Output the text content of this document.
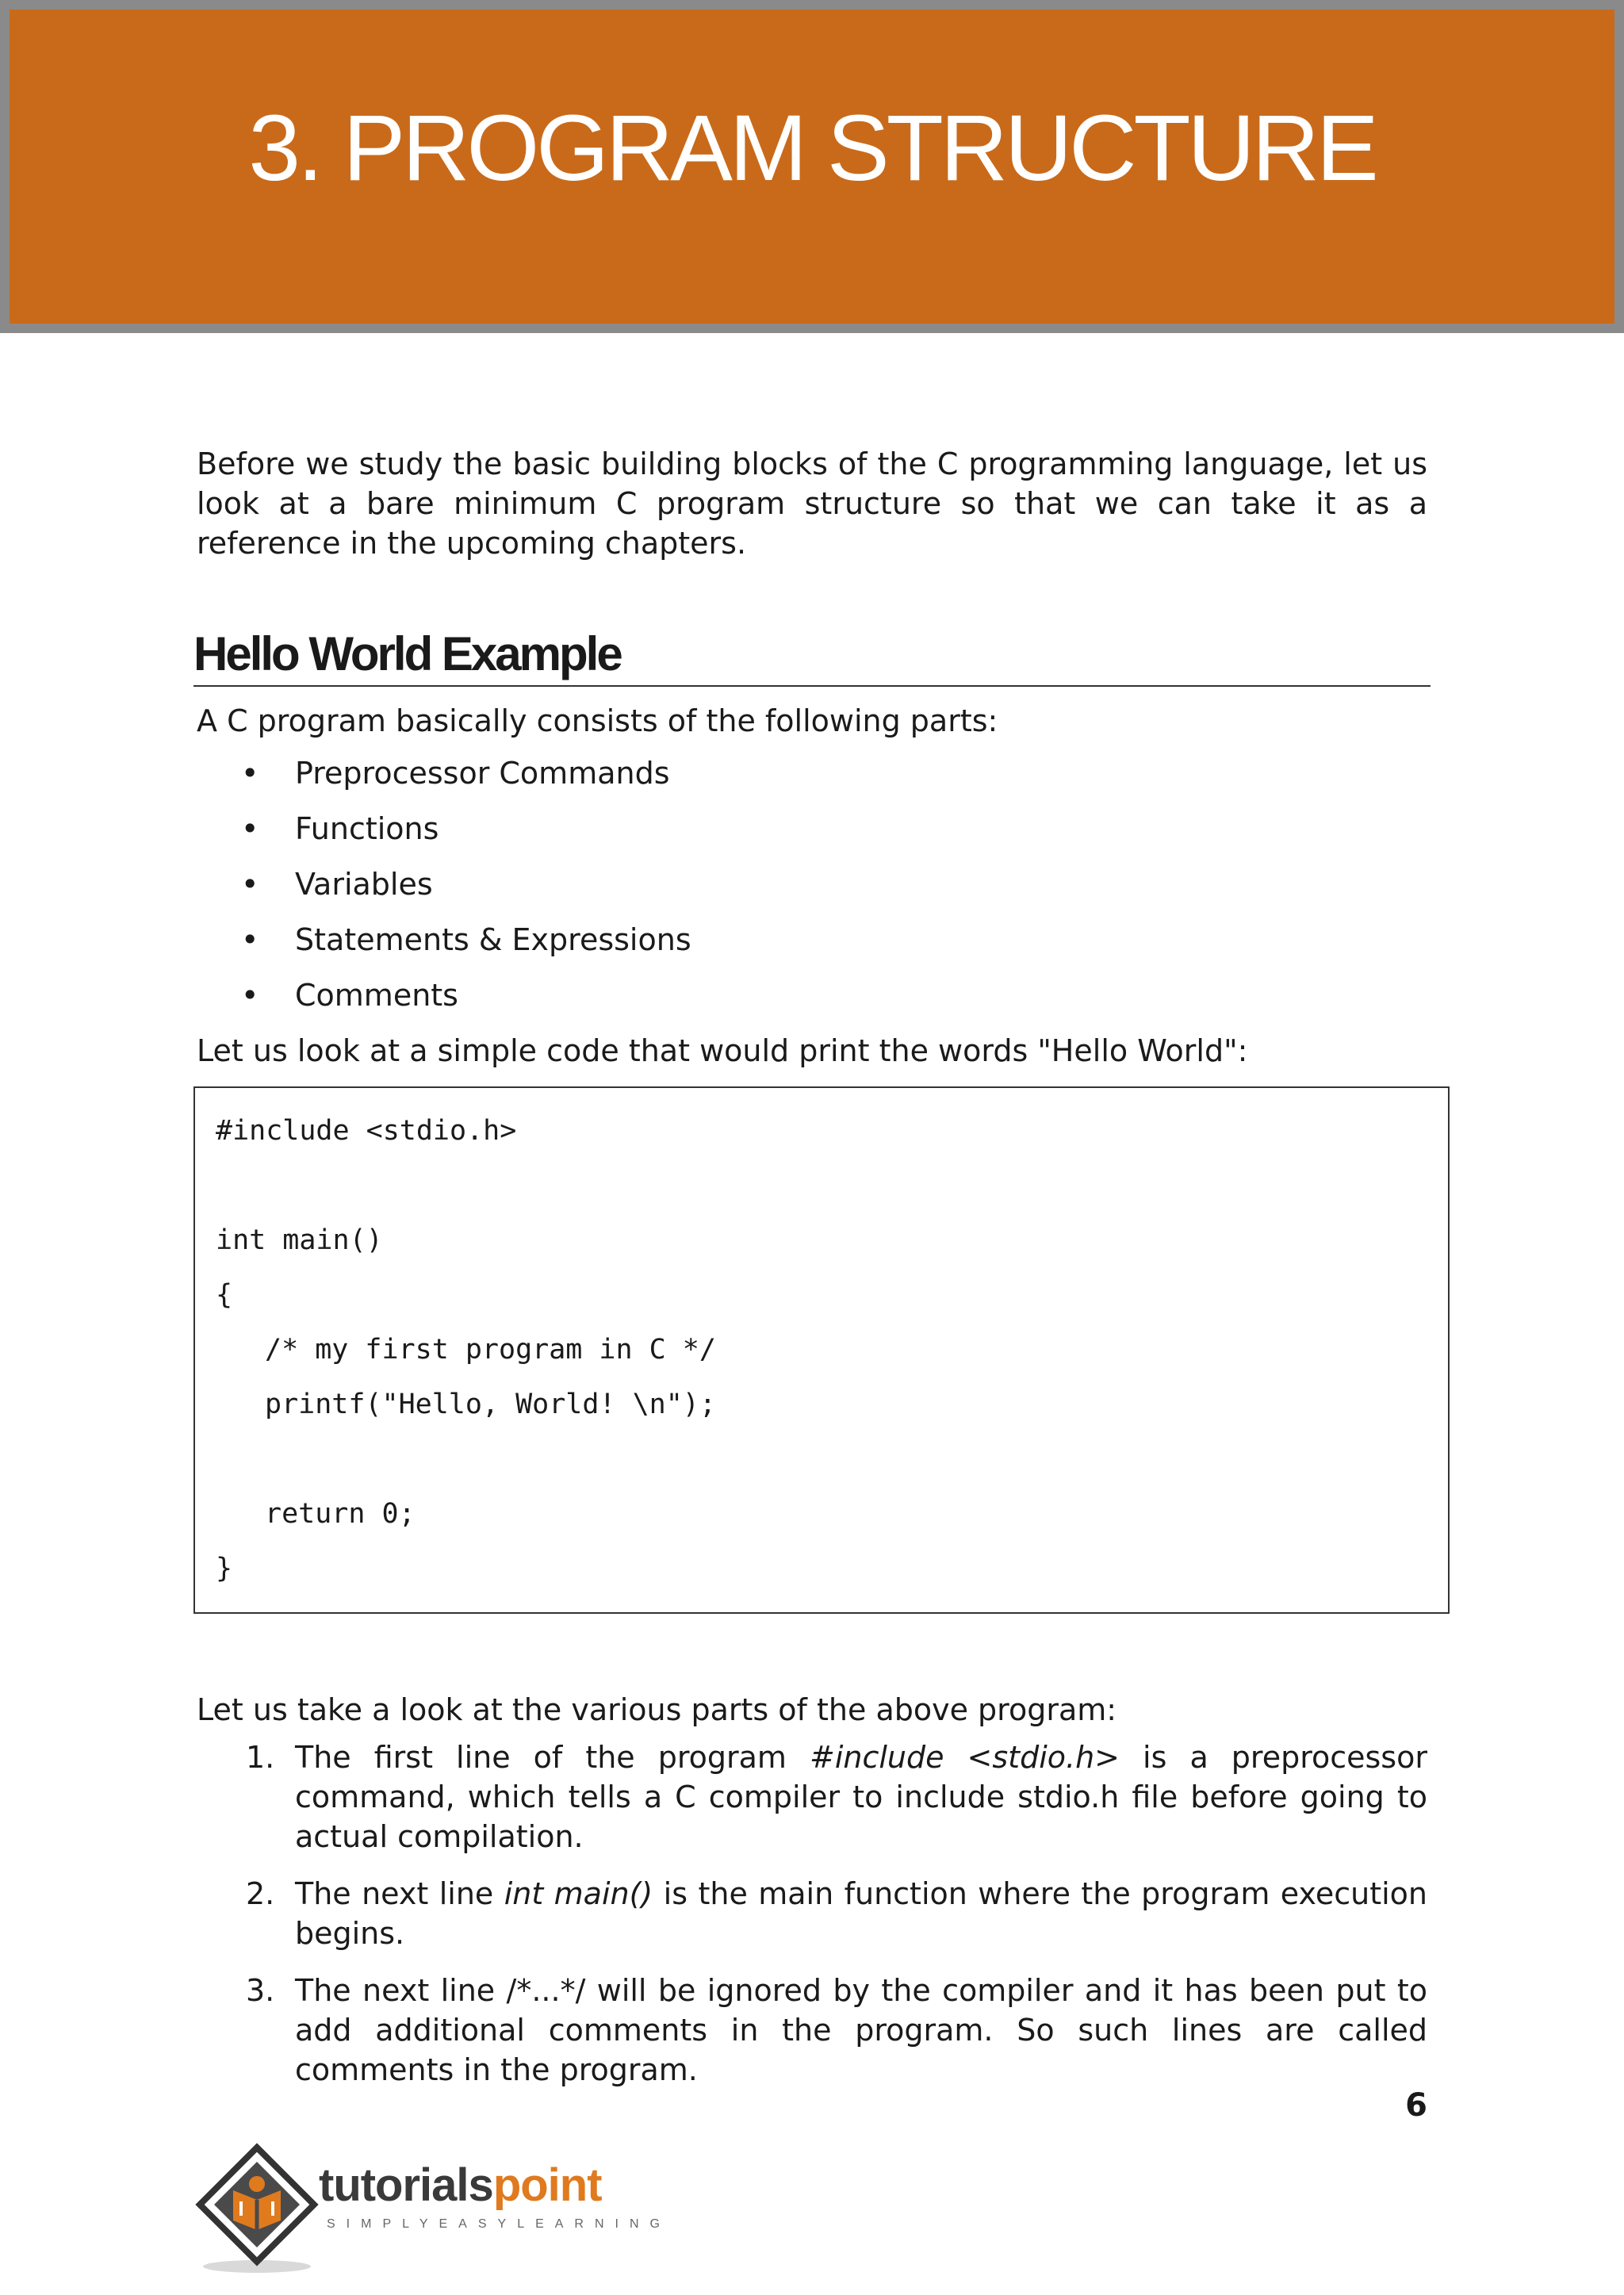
3. PROGRAM STRUCTURE

Before we study the basic building blocks of the C programming language, let us look at a bare minimum C program structure so that we can take it as a reference in the upcoming chapters.

Hello World Example

A C program basically consists of the following parts:

• Preprocessor Commands
• Functions
• Variables
• Statements & Expressions
• Comments

Let us look at a simple code that would print the words "Hello World":

#include <stdio.h>
int main()
{
/* my first program in C */
printf("Hello, World! \n");
return 0;
}

Let us take a look at the various parts of the above program:

1. The first line of the program #include <stdio.h> is a preprocessor command, which tells a C compiler to include stdio.h file before going to actual compilation.

2. The next line int main() is the main function where the program execution begins.

3. The next line /*...*/ will be ignored by the compiler and it has been put to add additional comments in the program. So such lines are called comments in the program.

6

tutorialspoint

SIMPLYEASYLEARNING
